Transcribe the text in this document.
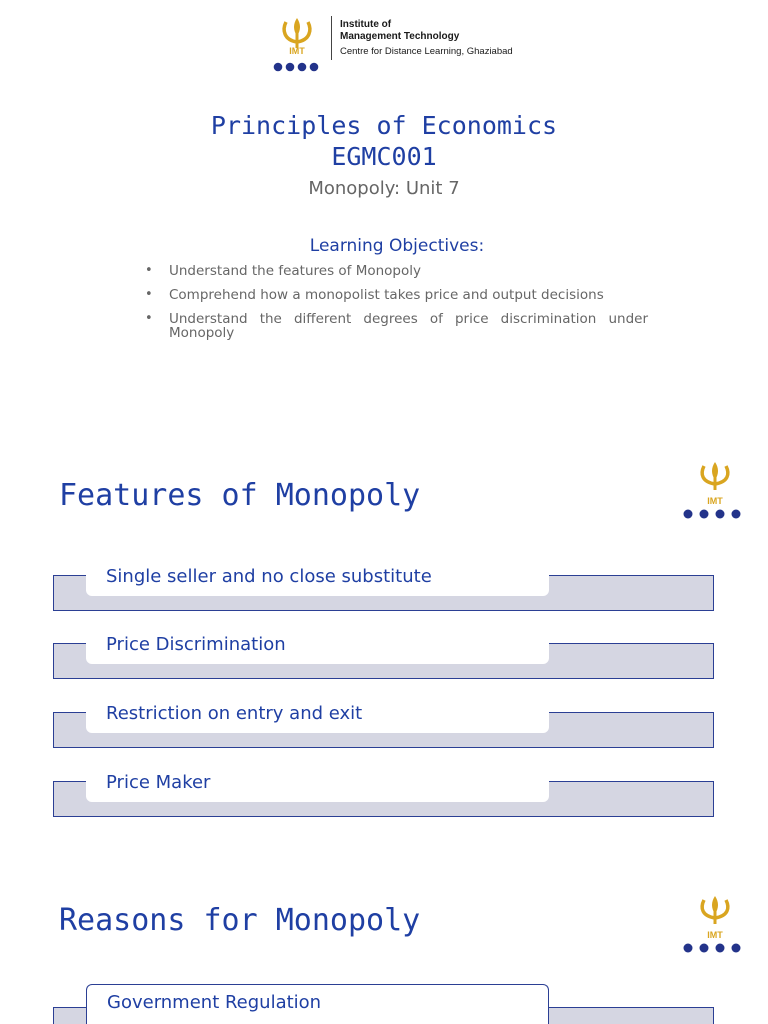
IMT
Institute of
Management Technology
Centre for Distance Learning, Ghaziabad
Principles of Economics
EGMC001
Monopoly: Unit 7
Learning Objectives:
• Understand the features of Monopoly
• Comprehend how a monopolist takes price and output decisions
• Understand the different degrees of price discrimination under Monopoly
Features of Monopoly	IMT
Single seller and no close substitute
Price Discrimination
Restriction on entry and exit
Price Maker
Reasons for Monopoly	IMT
Government Regulation
